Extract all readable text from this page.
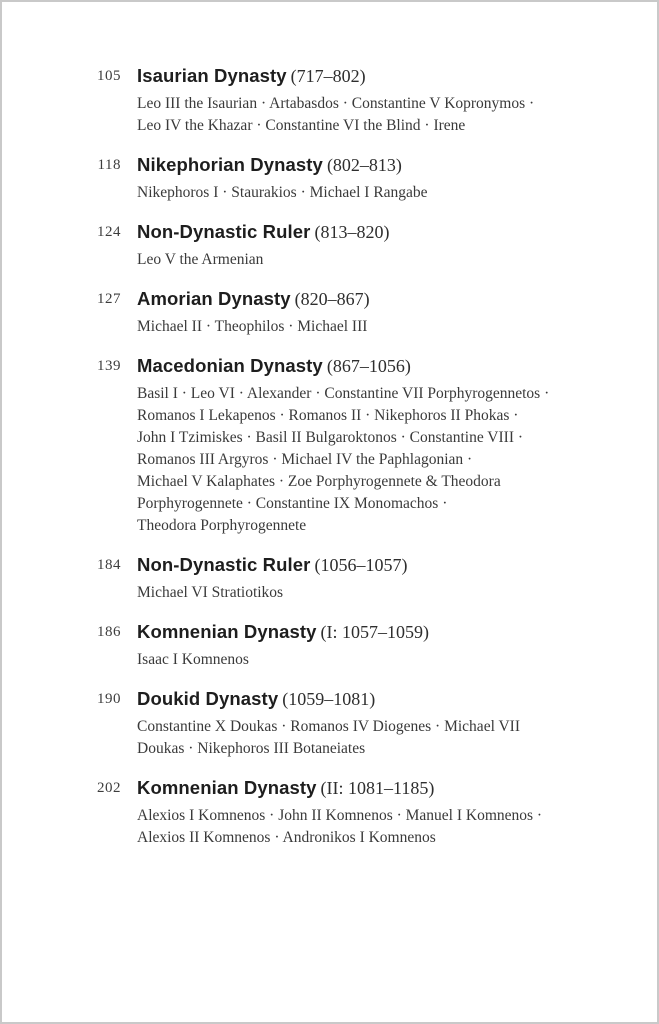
105 Isaurian Dynasty (717–802)
Leo III the Isaurian · Artabasdos · Constantine V Kopronymos ·
Leo IV the Khazar · Constantine VI the Blind · Irene
118 Nikephorian Dynasty (802–813)
Nikephoros I · Staurakios · Michael I Rangabe
124 Non-Dynastic Ruler (813–820)
Leo V the Armenian
127 Amorian Dynasty (820–867)
Michael II · Theophilos · Michael III
139 Macedonian Dynasty (867–1056)
Basil I · Leo VI · Alexander · Constantine VII Porphyrogennetos ·
Romanos I Lekapenos · Romanos II · Nikephoros II Phokas ·
John I Tzimiskes · Basil II Bulgaroktonos · Constantine VIII ·
Romanos III Argyros · Michael IV the Paphlagonian ·
Michael V Kalaphates · Zoe Porphyrogennete & Theodora
Porphyrogennete · Constantine IX Monomachos ·
Theodora Porphyrogennete
184 Non-Dynastic Ruler (1056–1057)
Michael VI Stratiotikos
186 Komnenian Dynasty (I: 1057–1059)
Isaac I Komnenos
190 Doukid Dynasty (1059–1081)
Constantine X Doukas · Romanos IV Diogenes · Michael VII
Doukas · Nikephoros III Botaneiates
202 Komnenian Dynasty (II: 1081–1185)
Alexios I Komnenos · John II Komnenos · Manuel I Komnenos ·
Alexios II Komnenos · Andronikos I Komnenos
